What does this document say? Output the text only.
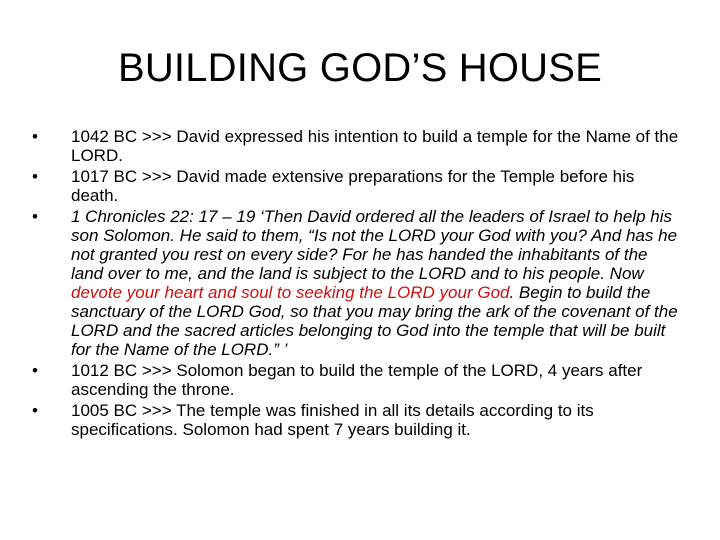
BUILDING GOD’S HOUSE
•	1042 BC >>> David expressed his intention to build a temple for the Name of the LORD.
•	1017 BC >>> David made extensive preparations for the Temple before his death.
•	1 Chronicles 22: 17 – 19 ‘Then David ordered all the leaders of Israel to help his son Solomon. He said to them, “Is not the LORD your God with you? And has he not granted you rest on every side? For he has handed the inhabitants of the land over to me, and the land is subject to the LORD and to his people. Now devote your heart and soul to seeking the LORD your God. Begin to build the sanctuary of the LORD God, so that you may bring the ark of the covenant of the LORD and the sacred articles belonging to God into the temple that will be built for the Name of the LORD.” ’
•	1012 BC >>> Solomon began to build the temple of the LORD, 4 years after ascending the throne.
•	1005 BC >>> The temple was finished in all its details according to its specifications. Solomon had spent 7 years building it.
